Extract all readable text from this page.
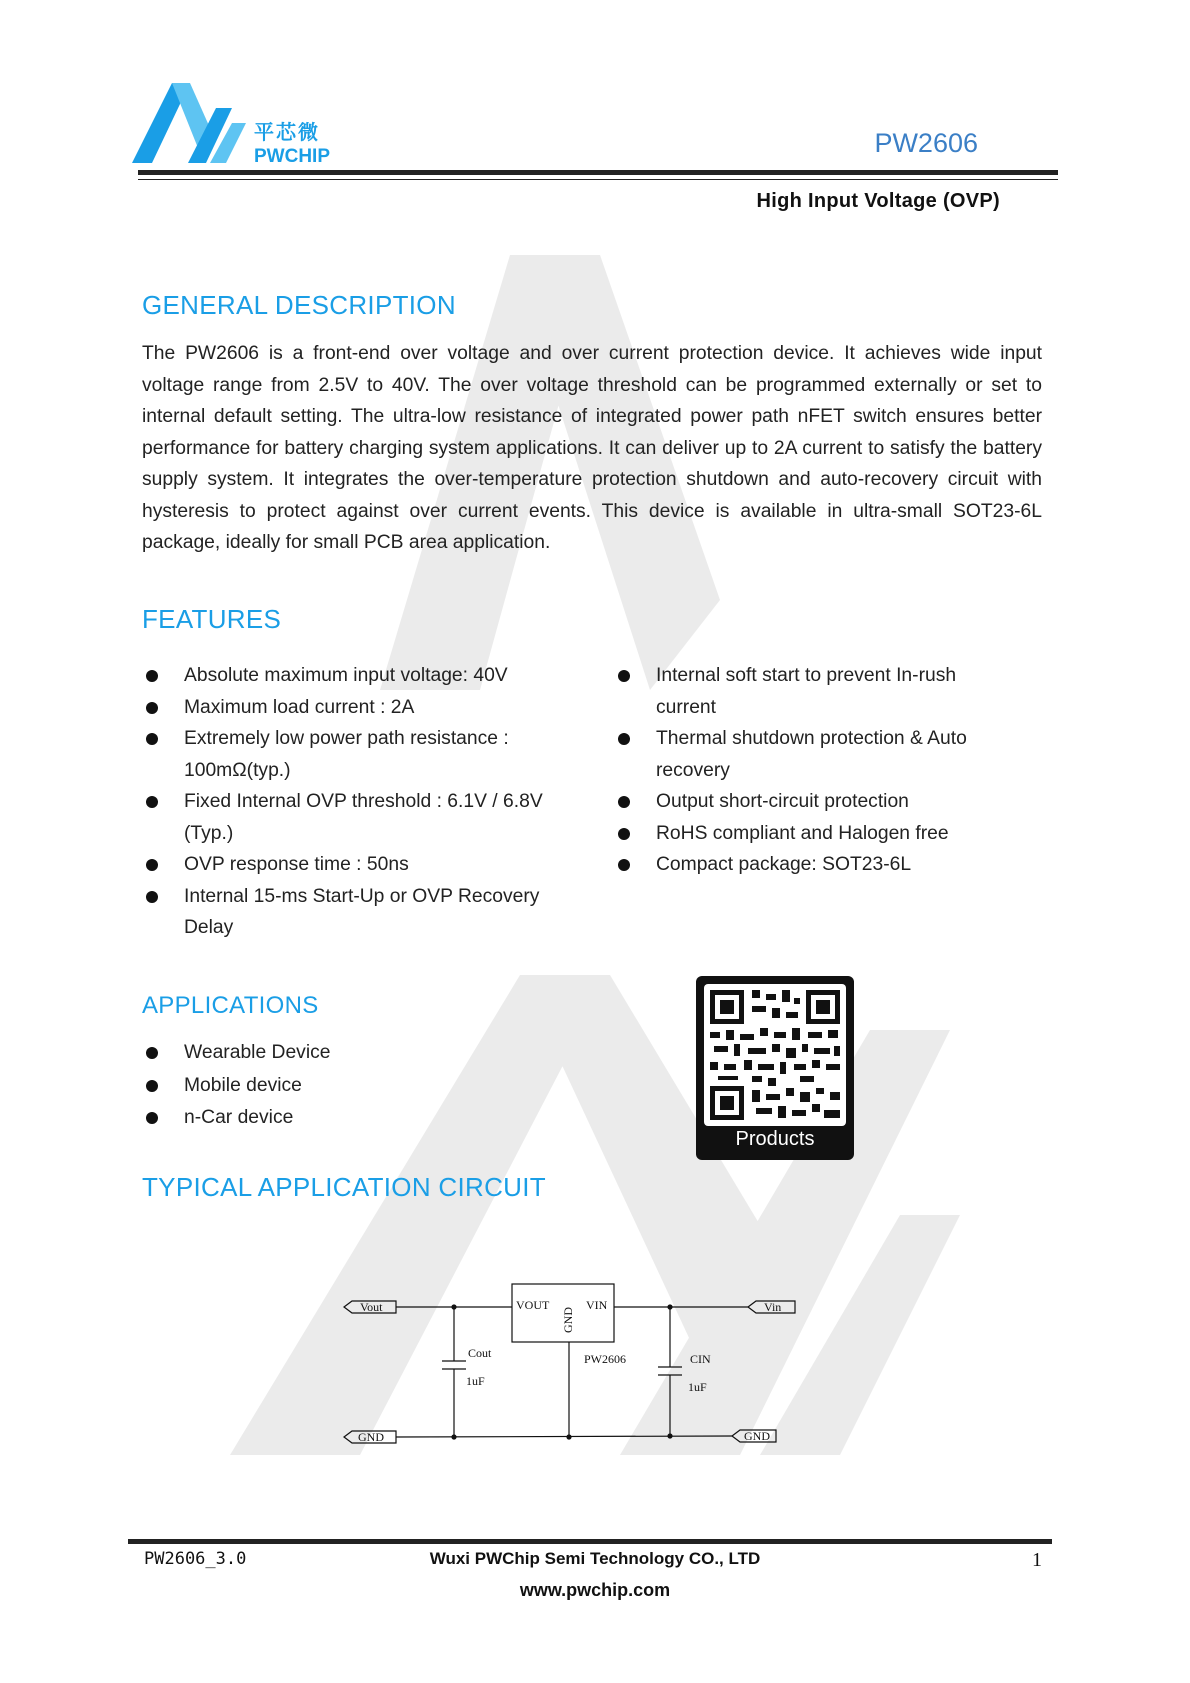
平芯微
PWCHIP	PW2606
High Input Voltage (OVP)
GENERAL DESCRIPTION

The PW2606 is a front-end over voltage and over current protection device. It achieves wide input voltage range from 2.5V to 40V. The over voltage threshold can be programmed externally or set to internal default setting. The ultra-low resistance of integrated power path nFET switch ensures better performance for battery charging system applications. It can deliver up to 2A current to satisfy the battery supply system. It integrates the over-temperature protection shutdown and auto-recovery circuit with hysteresis to protect against over current events. This device is available in ultra-small SOT23-6L package, ideally for small PCB area application.

FEATURES
Absolute maximum input voltage: 40V
Maximum load current : 2A
Extremely low power path resistance : 100mΩ(typ.)
Fixed Internal OVP threshold : 6.1V / 6.8V (Typ.)
OVP response time : 50ns
Internal 15-ms Start-Up or OVP Recovery Delay
Internal soft start to prevent In-rush current
Thermal shutdown protection & Auto recovery
Output short-circuit protection
RoHS compliant and Halogen free
Compact package: SOT23-6L
APPLICATIONS
Wearable Device
Mobile device
n-Car device
Products
TYPICAL APPLICATION CIRCUIT
Vout
GND
Vin
GND
VOUT	VIN
GND
PW2606
Cout
1uF
CIN
1uF
PW2606_3.0	Wuxi PWChip Semi Technology CO., LTD
www.pwchip.com
1
